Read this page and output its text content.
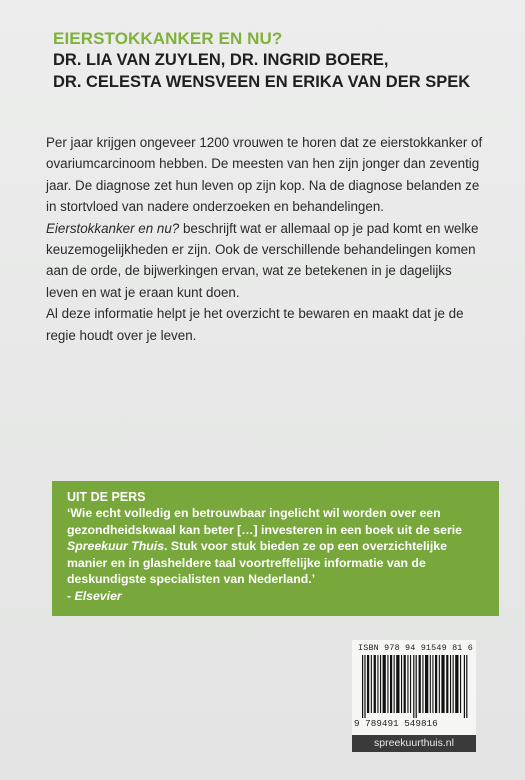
EIERSTOKKANKER EN NU?
DR. LIA VAN ZUYLEN, DR. INGRID BOERE,
DR. CELESTA WENSVEEN EN ERIKA VAN DER SPEK

Per jaar krijgen ongeveer 1200 vrouwen te horen dat ze eierstokkanker of ovariumcarcinoom hebben. De meesten van hen zijn jonger dan zeventig jaar. De diagnose zet hun leven op zijn kop. Na de diagnose belanden ze in stortvloed van nadere onderzoeken en behandelingen.

Eierstokkanker en nu? beschrijft wat er allemaal op je pad komt en welke keuzemogelijkheden er zijn. Ook de verschillende behandelingen komen aan de orde, de bijwerkingen ervan, wat ze betekenen in je dagelijks leven en wat je eraan kunt doen.

Al deze informatie helpt je het overzicht te bewaren en maakt dat je de regie houdt over je leven.

UIT DE PERS
‘Wie echt volledig en betrouwbaar ingelicht wil worden over een gezondheidskwaal kan beter […] investeren in een boek uit de serie Spreekuur Thuis. Stuk voor stuk bieden ze op een overzichtelijke manier en in glasheldere taal voortreffelijke informatie van de deskundigste specialisten van Nederland.’
- Elsevier
ISBN 978 94 91549 81 6
9 789491 549816
spreekuurthuis.nl
